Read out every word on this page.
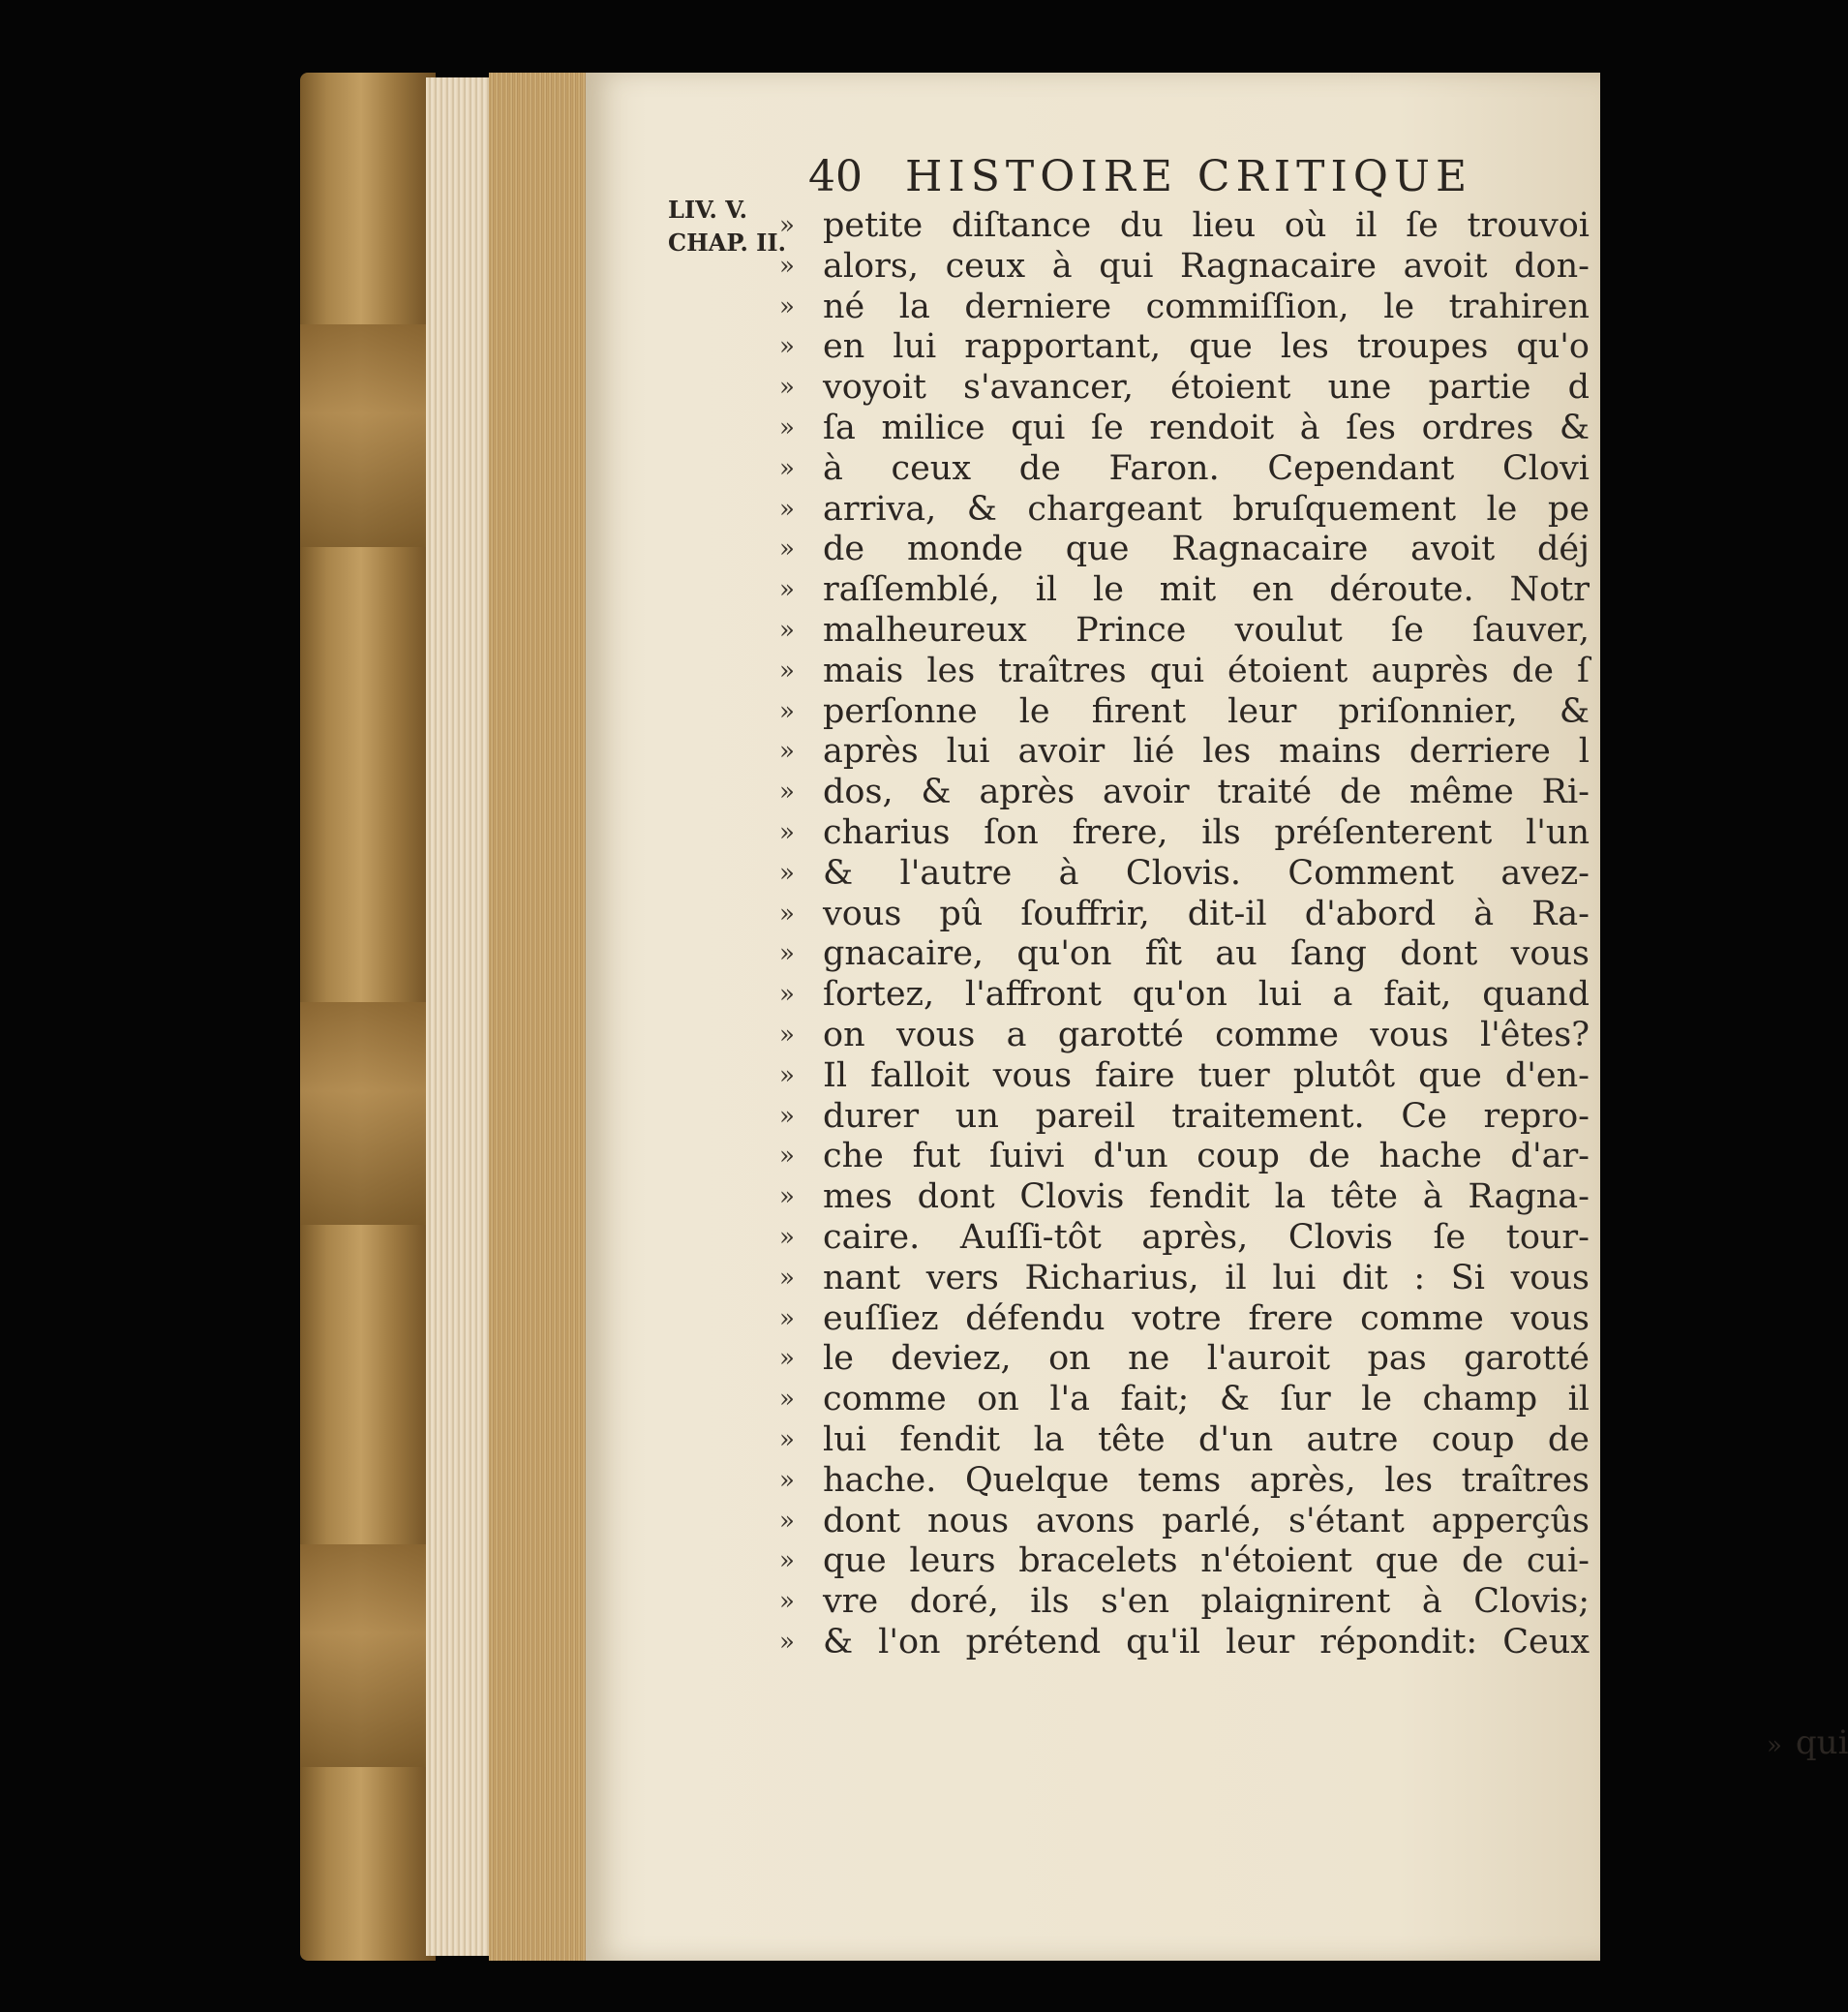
40 HISTOIRE CRITIQUE
LIV. V.
CHAP. II.
» petite diſtance du lieu où il ſe trouvoi
» alors, ceux à qui Ragnacaire avoit don-
» né la derniere commiſſion, le trahiren
» en lui rapportant, que les troupes qu'o
» voyoit s'avancer, étoient une partie d
» ſa milice qui ſe rendoit à ſes ordres &
» à ceux de Faron. Cependant Clovi
» arriva, & chargeant bruſquement le pe
» de monde que Ragnacaire avoit déj
» raſſemblé, il le mit en déroute. Notr
» malheureux Prince voulut ſe ſauver,
» mais les traîtres qui étoient auprès de ſ
» perſonne le firent leur priſonnier, &
» après lui avoir lié les mains derriere l
» dos, & après avoir traité de même Ri-
» charius ſon frere, ils préſenterent l'un
» & l'autre à Clovis. Comment avez-
» vous pû ſouffrir, dit-il d'abord à Ra-
» gnacaire, qu'on fît au ſang dont vous
» ſortez, l'affront qu'on lui a fait, quand
» on vous a garotté comme vous l'êtes?
» Il falloit vous faire tuer plutôt que d'en-
» durer un pareil traitement. Ce repro-
» che fut ſuivi d'un coup de hache d'ar-
» mes dont Clovis fendit la tête à Ragna-
» caire. Auſſi-tôt après, Clovis ſe tour-
» nant vers Richarius, il lui dit : Si vous
» euſſiez défendu votre frere comme vous
» le deviez, on ne l'auroit pas garotté
» comme on l'a fait; & ſur le champ il
» lui fendit la tête d'un autre coup de
» hache. Quelque tems après, les traîtres
» dont nous avons parlé, s'étant apperçûs
» que leurs bracelets n'étoient que de cui-
» vre doré, ils s'en plaignirent à Clovis;
» & l'on prétend qu'il leur répondit: Ceux
» qui
